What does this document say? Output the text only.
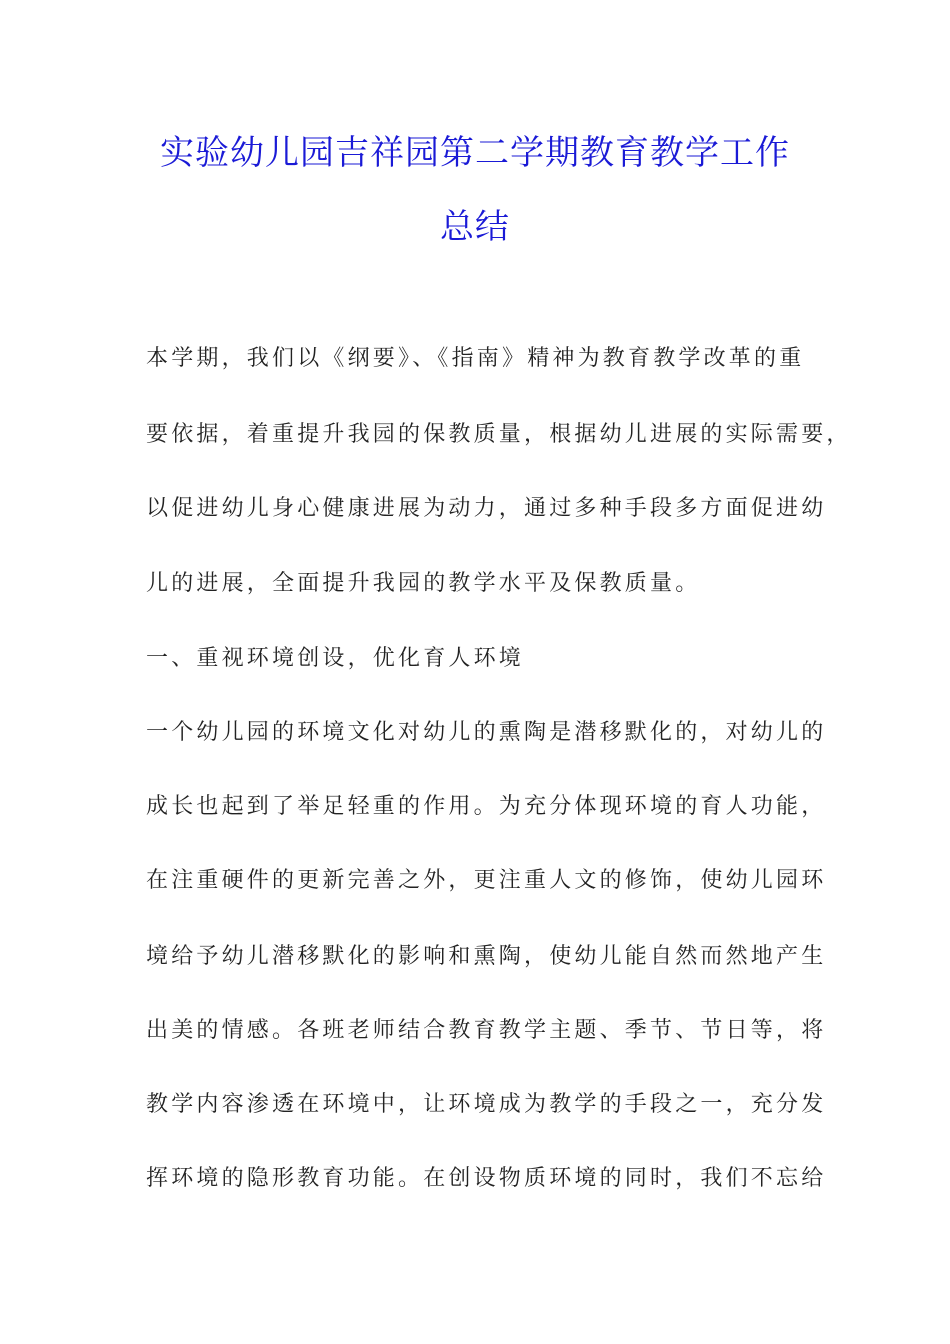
实验幼儿园吉祥园第二学期教育教学工作
总结
本学期，我们以《纲要》、《指南》精神为教育教学改革的重
要依据，着重提升我园的保教质量，根据幼儿进展的实际需要，
以促进幼儿身心健康进展为动力，通过多种手段多方面促进幼
儿的进展，全面提升我园的教学水平及保教质量。
一、重视环境创设，优化育人环境
一个幼儿园的环境文化对幼儿的熏陶是潜移默化的，对幼儿的
成长也起到了举足轻重的作用。为充分体现环境的育人功能，
在注重硬件的更新完善之外，更注重人文的修饰，使幼儿园环
境给予幼儿潜移默化的影响和熏陶，使幼儿能自然而然地产生
出美的情感。各班老师结合教育教学主题、季节、节日等，将
教学内容渗透在环境中，让环境成为教学的手段之一，充分发
挥环境的隐形教育功能。在创设物质环境的同时，我们不忘给
